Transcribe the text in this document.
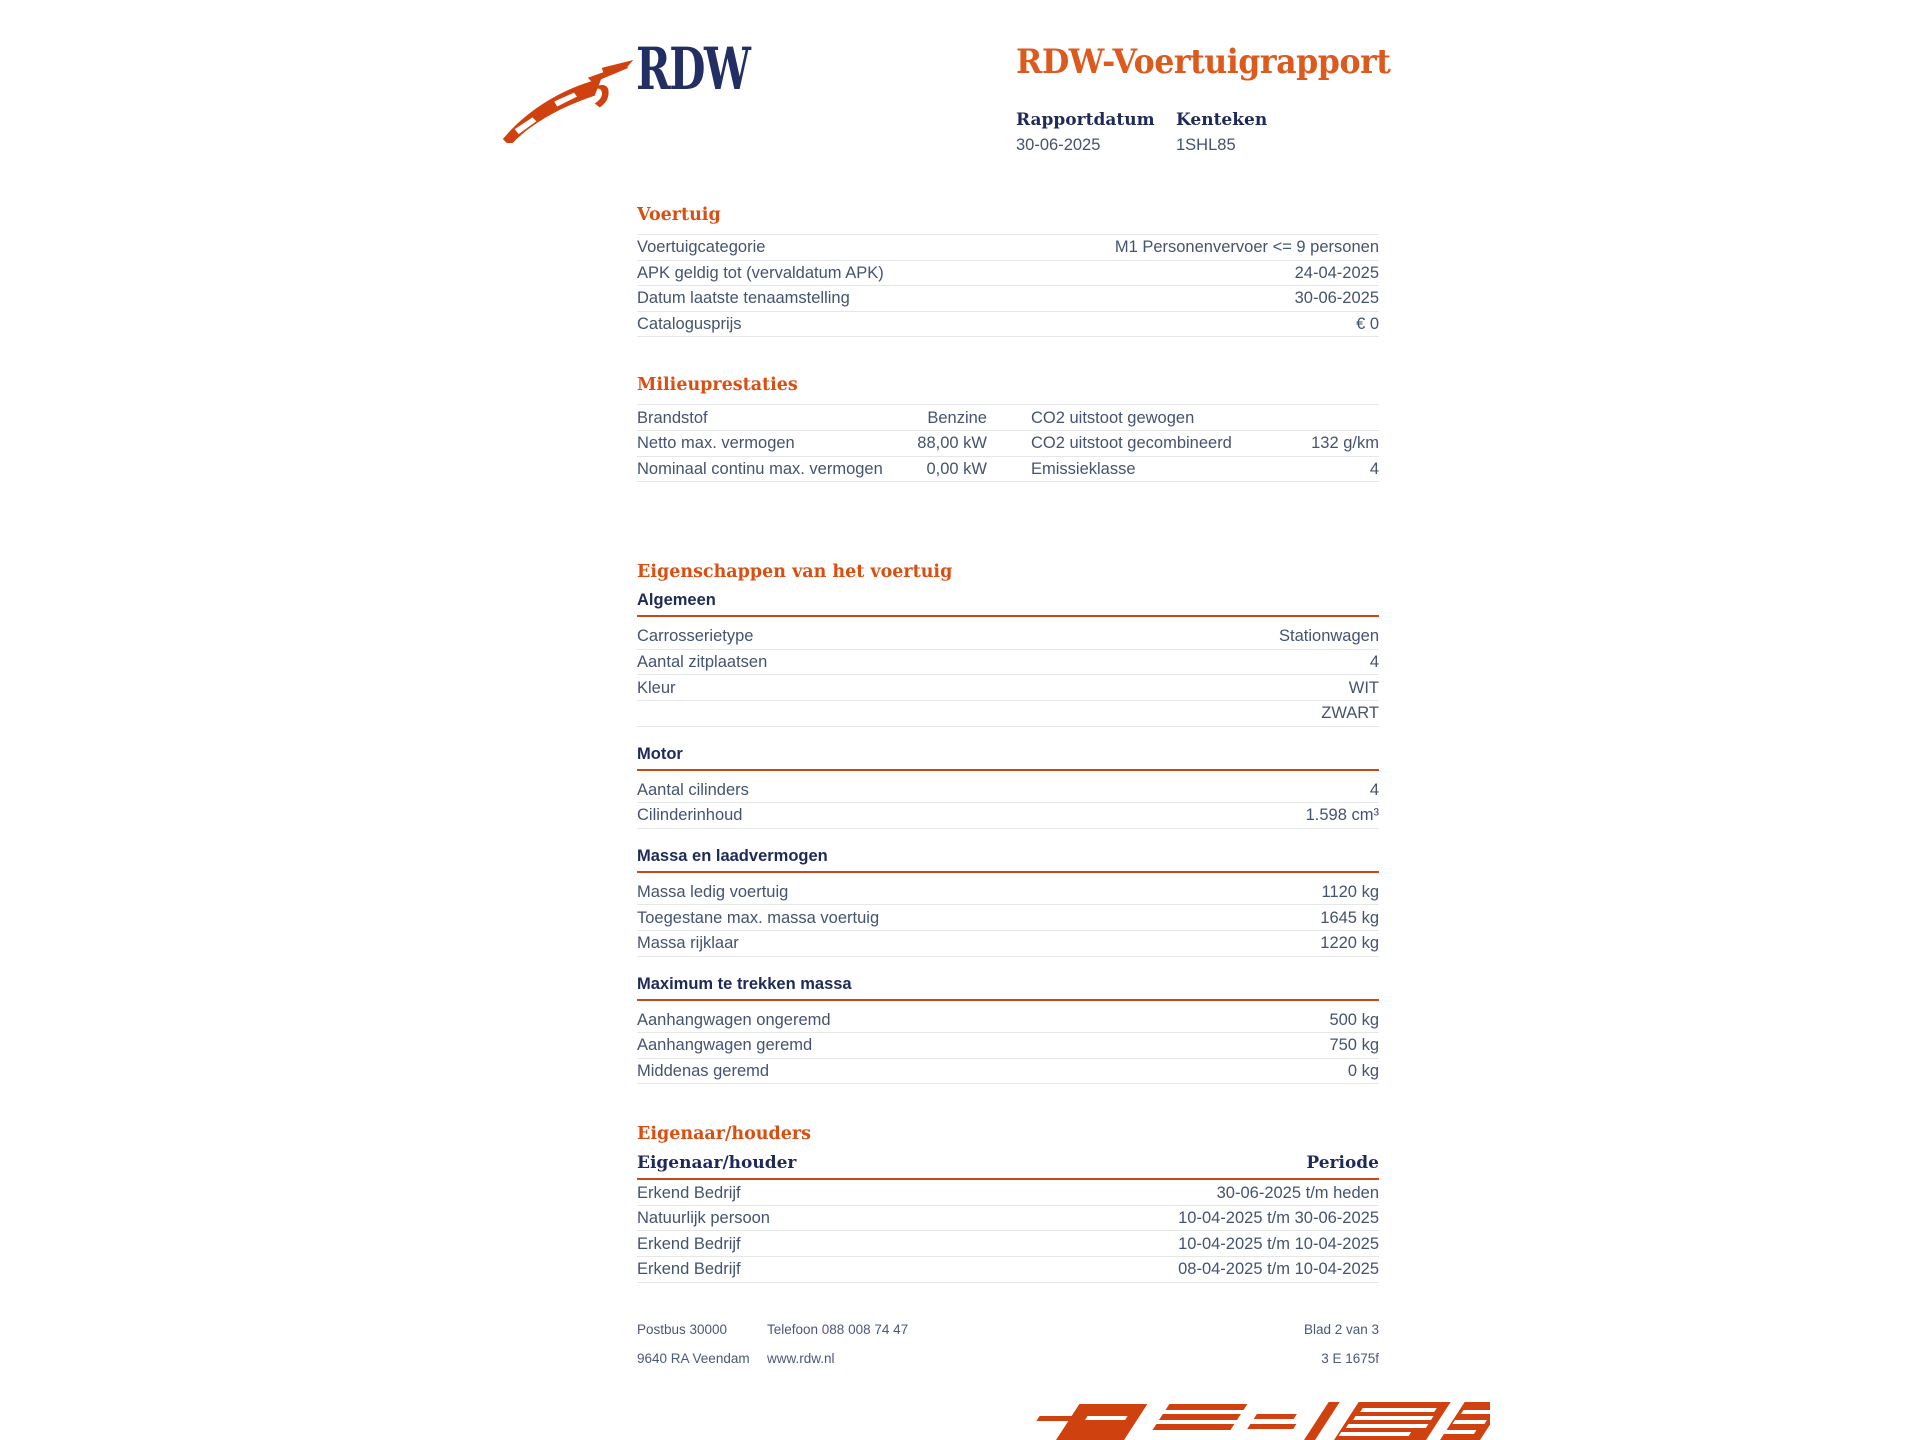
RDW	RDW-Voertuigrapport
Rapportdatum
30-06-2025
Kenteken
1SHL85
Voertuig
Voertuigcategorie	M1 Personenvervoer <= 9 personen
APK geldig tot (vervaldatum APK)	24-04-2025
Datum laatste tenaamstelling	30-06-2025
Catalogusprijs	€ 0
Milieuprestaties
Brandstof	Benzine	CO2 uitstoot gewogen
Netto max. vermogen	88,00 kW	CO2 uitstoot gecombineerd	132 g/km
Nominaal continu max. vermogen	0,00 kW	Emissieklasse	4
Eigenschappen van het voertuig
Algemeen
Carrosserietype	Stationwagen
Aantal zitplaatsen	4
Kleur	WIT
ZWART
Motor
Aantal cilinders	4
Cilinderinhoud	1.598 cm³
Massa en laadvermogen
Massa ledig voertuig	1120 kg
Toegestane max. massa voertuig	1645 kg
Massa rijklaar	1220 kg
Maximum te trekken massa
Aanhangwagen ongeremd	500 kg
Aanhangwagen geremd	750 kg
Middenas geremd	0 kg
Eigenaar/houders
Eigenaar/houder	Periode
Erkend Bedrijf	30-06-2025 t/m heden
Natuurlijk persoon	10-04-2025 t/m 30-06-2025
Erkend Bedrijf	10-04-2025 t/m 10-04-2025
Erkend Bedrijf	08-04-2025 t/m 10-04-2025
Postbus 30000	Telefoon 088 008 74 47	Blad 2 van 3
9640 RA Veendam	www.rdw.nl	3 E 1675f
